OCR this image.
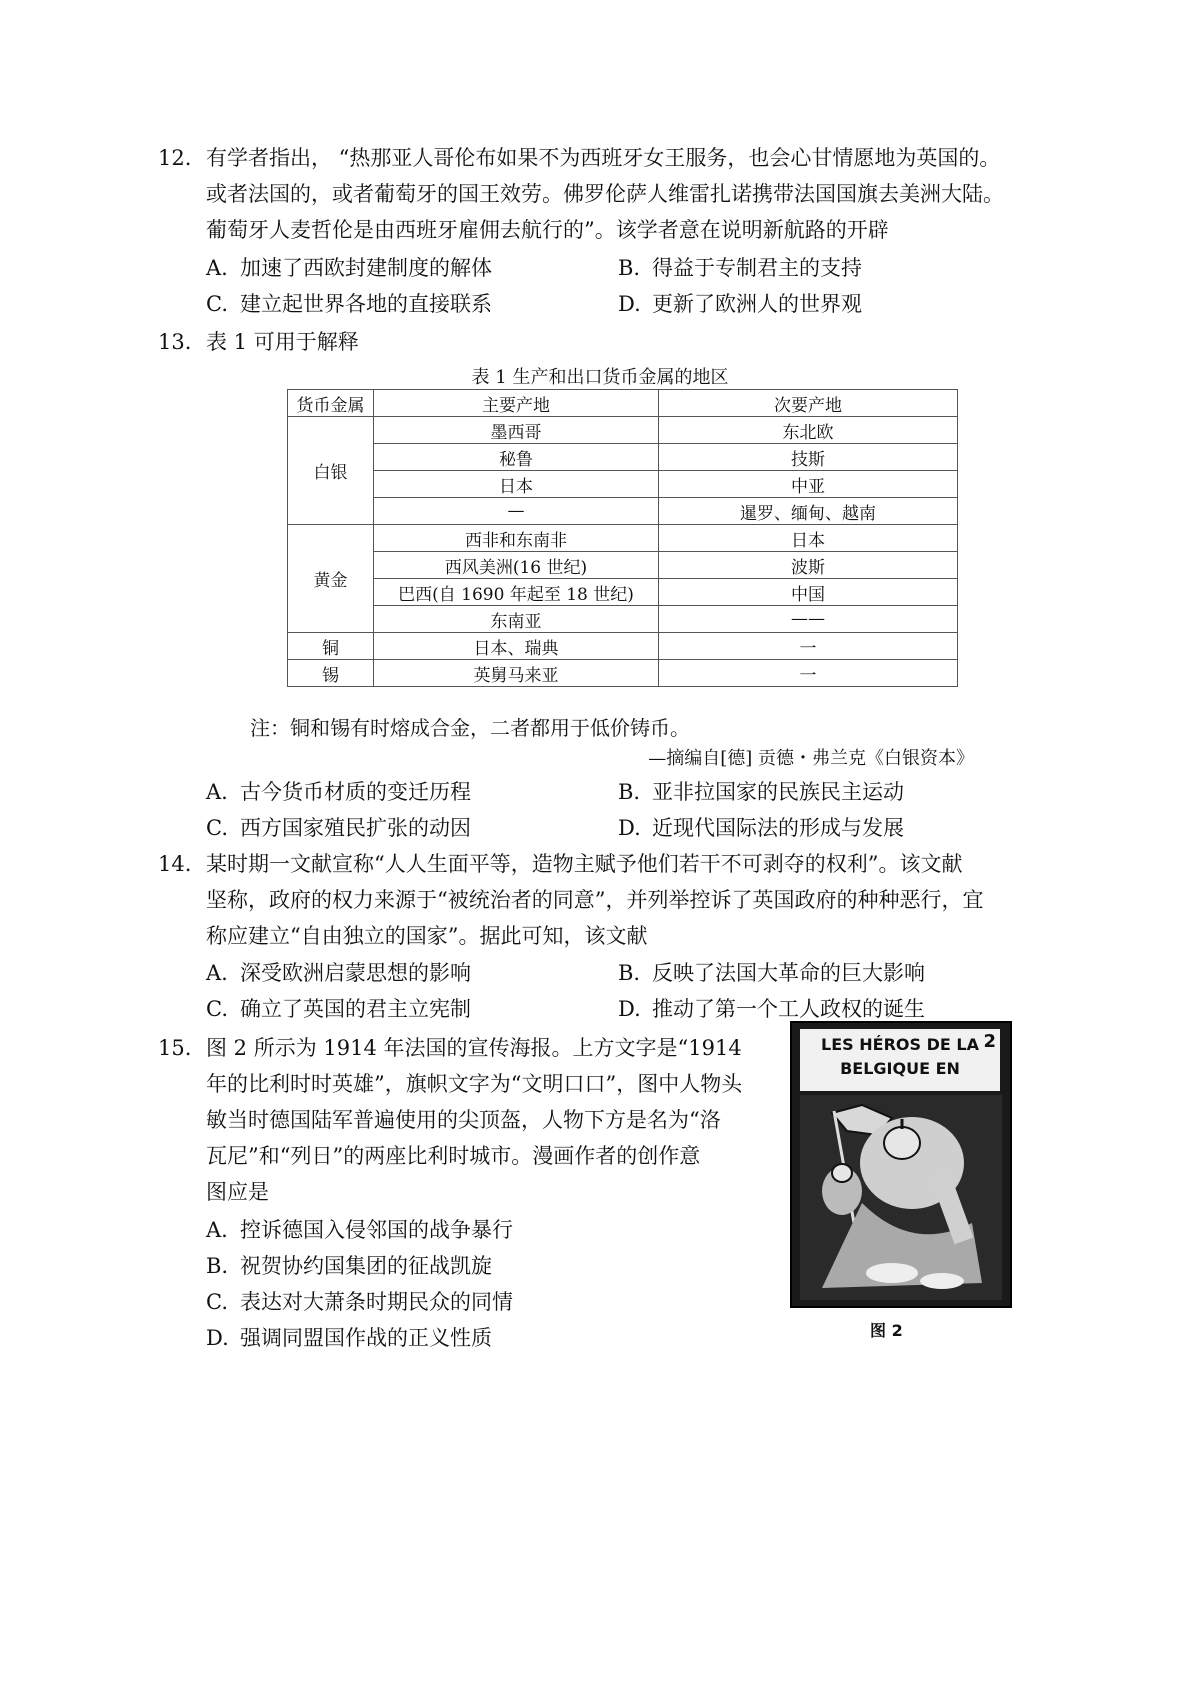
12. 有学者指出， “热那亚人哥伦布如果不为西班牙女王服务，也会心甘情愿地为英国的。
或者法国的，或者葡萄牙的国王效劳。佛罗伦萨人维雷扎诺携带法国国旗去美洲大陆。
葡萄牙人麦哲伦是由西班牙雇佣去航行的”。该学者意在说明新航路的开辟
A. 加速了西欧封建制度的解体	B. 得益于专制君主的支持
C. 建立起世界各地的直接联系	D. 更新了欧洲人的世界观
13. 表 1 可用于解释
表 1 生产和出口货币金属的地区
货币金属	主要产地	次要产地
白银	墨西哥	东北欧
	秘鲁	技斯
	日本	中亚
	—	暹罗、缅甸、越南
黄金	西非和东南非	日本
	西风美洲(16 世纪)	波斯
	巴西(自 1690 年起至 18 世纪)	中国
	东南亚	——
铜	日本、瑞典	一
锡	英舅马来亚	一
注：铜和锡有时熔成合金，二者都用于低价铸币。
—摘编自[德] 贡德・弗兰克《白银资本》
A. 古今货币材质的变迁历程	B. 亚非拉国家的民族民主运动
C. 西方国家殖民扩张的动因	D. 近现代国际法的形成与发展
14. 某时期一文献宣称“人人生面平等，造物主赋予他们若干不可剥夺的权利”。该文献
坚称，政府的权力来源于“被统治者的同意”，并列举控诉了英国政府的种种恶行，宜
称应建立“自由独立的国家”。据此可知，该文献
A. 深受欧洲启蒙思想的影响	B. 反映了法国大革命的巨大影响
C. 确立了英国的君主立宪制	D. 推动了第一个工人政权的诞生
15. 图 2 所示为 1914 年法国的宣传海报。上方文字是“1914
年的比利时时英雄”，旗帜文字为“文明口口”，图中人物头
敏当时德国陆军普遍使用的尖顶盔，人物下方是名为“洛
瓦尼”和“列日”的两座比利时城市。漫画作者的创作意
图应是
A. 控诉德国入侵邻国的战争暴行
B. 祝贺协约国集团的征战凯旋
C. 表达对大萧条时期民众的同情
D. 强调同盟国作战的正义性质
LES HÉROS DE LA
BELGIQUE EN
2
图 2
